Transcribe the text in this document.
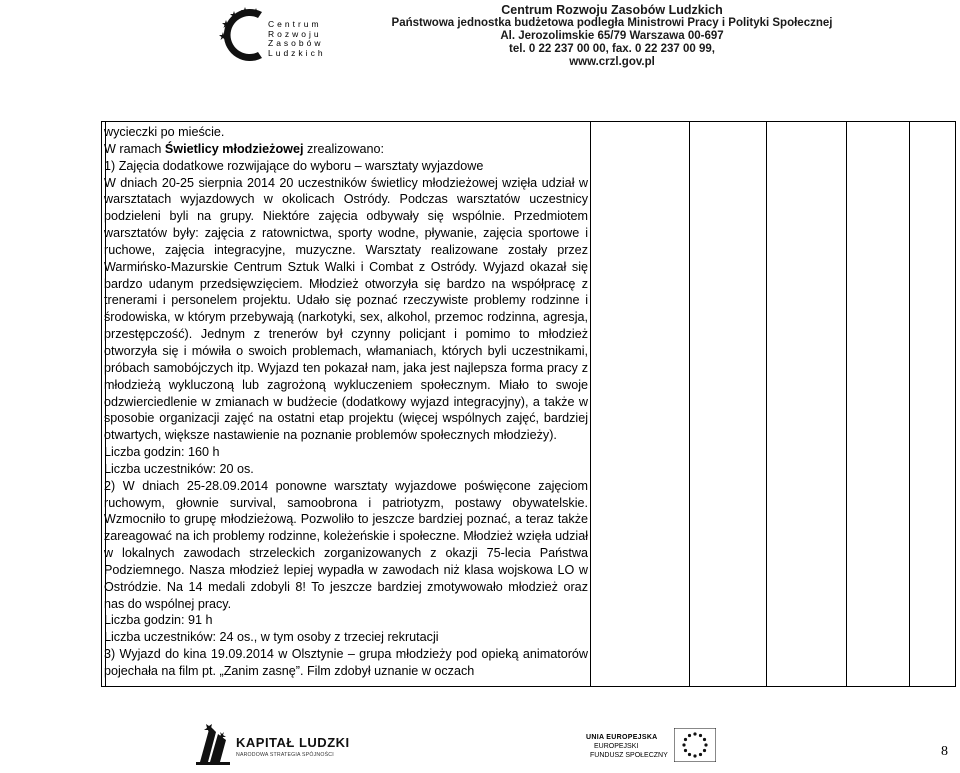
Centrum
Rozwoju
Zasobów
Ludzkich
Centrum Rozwoju Zasobów Ludzkich
Państwowa jednostka budżetowa podległa Ministrowi Pracy i Polityki Społecznej
Al. Jerozolimskie 65/79 Warszawa 00-697
tel. 0 22 237 00 00, fax. 0 22 237 00 99,
www.crzl.gov.pl

wycieczki po mieście.

W ramach Świetlicy młodzieżowej zrealizowano:

1) Zajęcia dodatkowe rozwijające do wyboru – warsztaty wyjazdowe

W dniach 20-25 sierpnia 2014 20 uczestników świetlicy młodzieżowej wzięła udział w warsztatach wyjazdowych w okolicach Ostródy. Podczas warsztatów uczestnicy podzieleni byli na grupy. Niektóre zajęcia odbywały się wspólnie. Przedmiotem warsztatów były: zajęcia z ratownictwa, sporty wodne, pływanie, zajęcia sportowe i ruchowe, zajęcia integracyjne, muzyczne. Warsztaty realizowane zostały przez Warmińsko-Mazurskie Centrum Sztuk Walki i Combat z Ostródy. Wyjazd okazał się bardzo udanym przedsięwzięciem. Młodzież otworzyła się bardzo na współpracę z trenerami i personelem projektu. Udało się poznać rzeczywiste problemy rodzinne i środowiska, w którym przebywają (narkotyki, sex, alkohol, przemoc rodzinna, agresja, przestępczość). Jednym z trenerów był czynny policjant i pomimo to młodzież otworzyła się i mówiła o swoich problemach, włamaniach, których byli uczestnikami, próbach samobójczych itp. Wyjazd ten pokazał nam, jaka jest najlepsza forma pracy z młodzieżą wykluczoną lub zagrożoną wykluczeniem społecznym. Miało to swoje odzwierciedlenie w zmianach w budżecie (dodatkowy wyjazd integracyjny), a także w sposobie organizacji zajęć na ostatni etap projektu (więcej wspólnych zajęć, bardziej otwartych, większe nastawienie na poznanie problemów społecznych młodzieży).

Liczba godzin: 160 h

Liczba uczestników: 20 os.

2) W dniach 25-28.09.2014 ponowne warsztaty wyjazdowe poświęcone zajęciom ruchowym, głownie survival, samoobrona i patriotyzm, postawy obywatelskie. Wzmocniło to grupę młodzieżową. Pozwoliło to jeszcze bardziej poznać, a teraz także zareagować na ich problemy rodzinne, koleżeńskie i społeczne. Młodzież wzięła udział w lokalnych zawodach strzeleckich zorganizowanych z okazji 75-lecia Państwa Podziemnego. Nasza młodzież lepiej wypadła w zawodach niż klasa wojskowa LO w Ostródzie. Na 14 medali zdobyli 8! To jeszcze bardziej zmotywowało młodzież oraz nas do wspólnej pracy.

Liczba godzin: 91 h

Liczba uczestników: 24 os., w tym osoby z trzeciej rekrutacji

3) Wyjazd do kina 19.09.2014 w Olsztynie – grupa młodzieży pod opieką animatorów pojechała na film pt. „Zanim zasnę”. Film zdobył uznanie w oczach

KAPITAŁ LUDZKI
NARODOWA STRATEGIA SPÓJNOŚCI
UNIA EUROPEJSKA
EUROPEJSKI
FUNDUSZ SPOŁECZNY	8
